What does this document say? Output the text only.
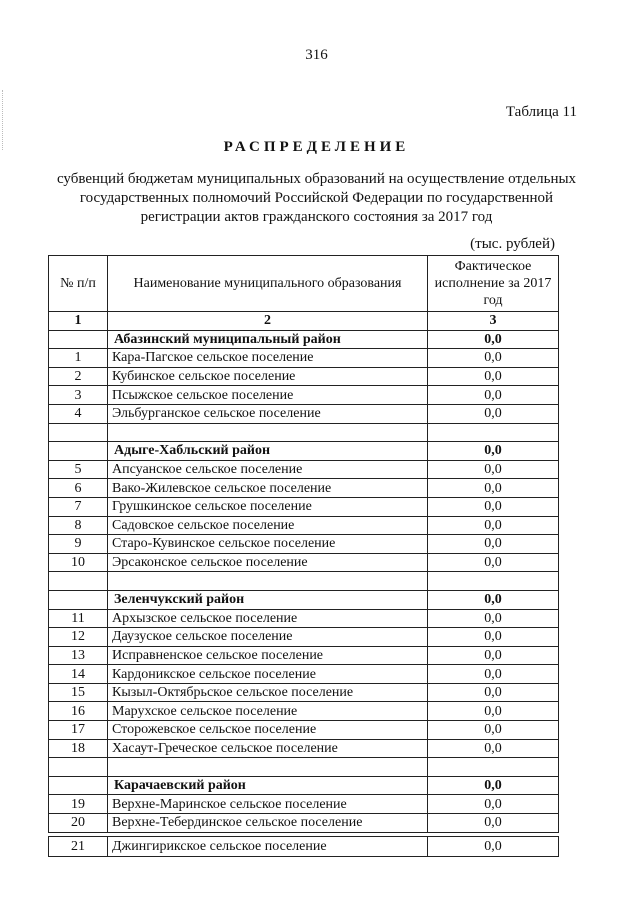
316
Таблица 11
РАСПРЕДЕЛЕНИЕ
субвенций бюджетам муниципальных образований на осуществление отдельных
государственных полномочий Российской Федерации по государственной
регистрации актов гражданского состояния за 2017 год
(тыс. рублей)
№ п/п	Наименование муниципального образования	Фактическое исполнение за 2017 год
1	2	3
	Абазинский муниципальный район	0,0
1	Кара-Пагское сельское поселение	0,0
2	Кубинское сельское поселение	0,0
3	Псыжское сельское поселение	0,0
4	Эльбурганское сельское поселение	0,0

	Адыге-Хабльский район	0,0
5	Апсуанское сельское поселение	0,0
6	Вако-Жилевское сельское поселение	0,0
7	Грушкинское сельское поселение	0,0
8	Садовское сельское поселение	0,0
9	Старо-Кувинское сельское поселение	0,0
10	Эрсаконское сельское поселение	0,0

	Зеленчукский район	0,0
11	Архызское сельское поселение	0,0
12	Даузуское сельское поселение	0,0
13	Исправненское сельское поселение	0,0
14	Кардоникское сельское поселение	0,0
15	Кызыл-Октябрьское сельское поселение	0,0
16	Марухское сельское поселение	0,0
17	Сторожевское сельское поселение	0,0
18	Хасаут-Греческое сельское поселение	0,0

	Карачаевский район	0,0
19	Верхне-Маринское сельское поселение	0,0
20	Верхне-Тебердинское сельское поселение	0,0

21	Джингирикское сельское поселение	0,0
